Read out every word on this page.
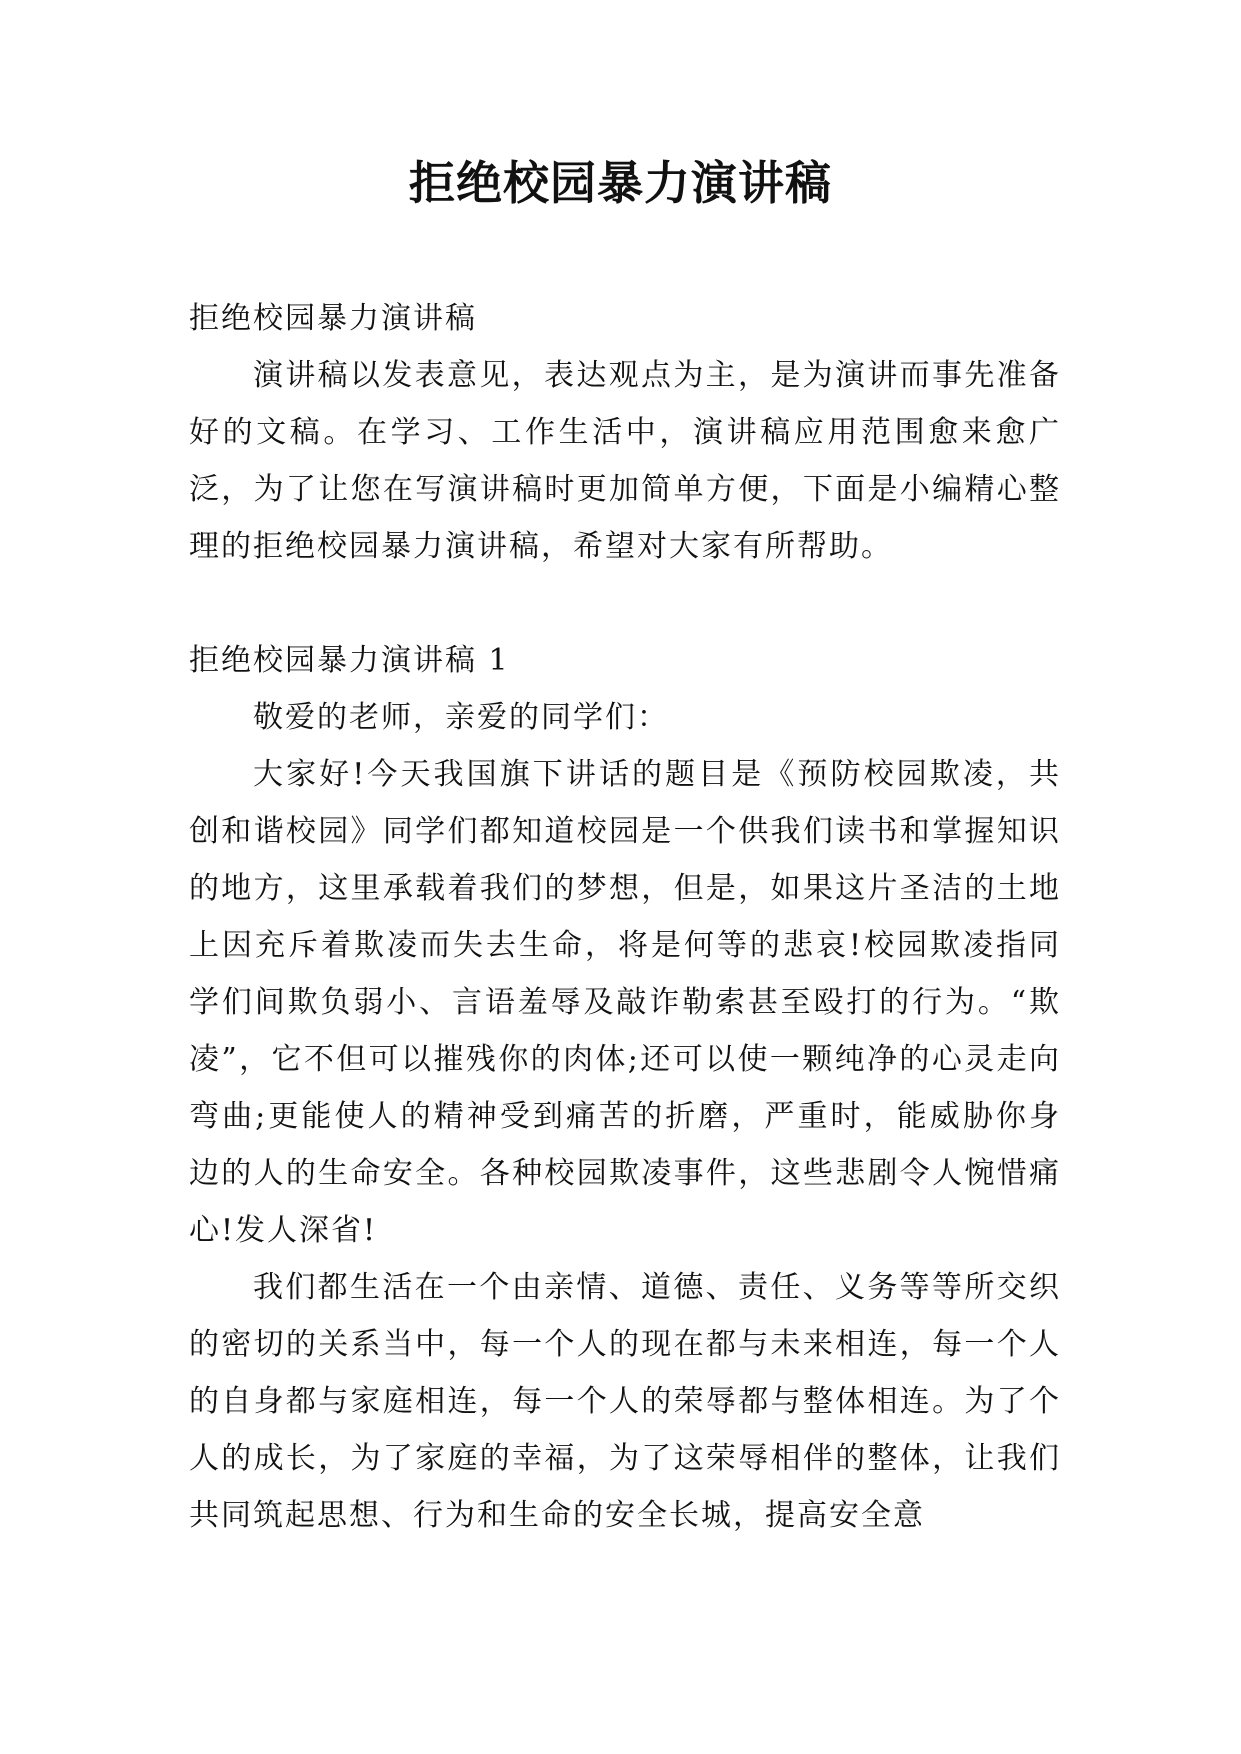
拒绝校园暴力演讲稿

拒绝校园暴力演讲稿

演讲稿以发表意见，表达观点为主，是为演讲而事先准备好的文稿。在学习、工作生活中，演讲稿应用范围愈来愈广泛，为了让您在写演讲稿时更加简单方便，下面是小编精心整理的拒绝校园暴力演讲稿，希望对大家有所帮助。

拒绝校园暴力演讲稿 1

敬爱的老师，亲爱的同学们：

大家好!今天我国旗下讲话的题目是《预防校园欺凌，共创和谐校园》同学们都知道校园是一个供我们读书和掌握知识的地方，这里承载着我们的梦想，但是，如果这片圣洁的土地上因充斥着欺凌而失去生命，将是何等的悲哀!校园欺凌指同学们间欺负弱小、言语羞辱及敲诈勒索甚至殴打的行为。“欺凌”，它不但可以摧残你的肉体;还可以使一颗纯净的心灵走向弯曲;更能使人的精神受到痛苦的折磨，严重时，能威胁你身边的人的生命安全。各种校园欺凌事件，这些悲剧令人惋惜痛心!发人深省!

我们都生活在一个由亲情、道德、责任、义务等等所交织的密切的关系当中，每一个人的现在都与未来相连，每一个人的自身都与家庭相连，每一个人的荣辱都与整体相连。为了个人的成长，为了家庭的幸福，为了这荣辱相伴的整体，让我们共同筑起思想、行为和生命的安全长城，提高安全意
